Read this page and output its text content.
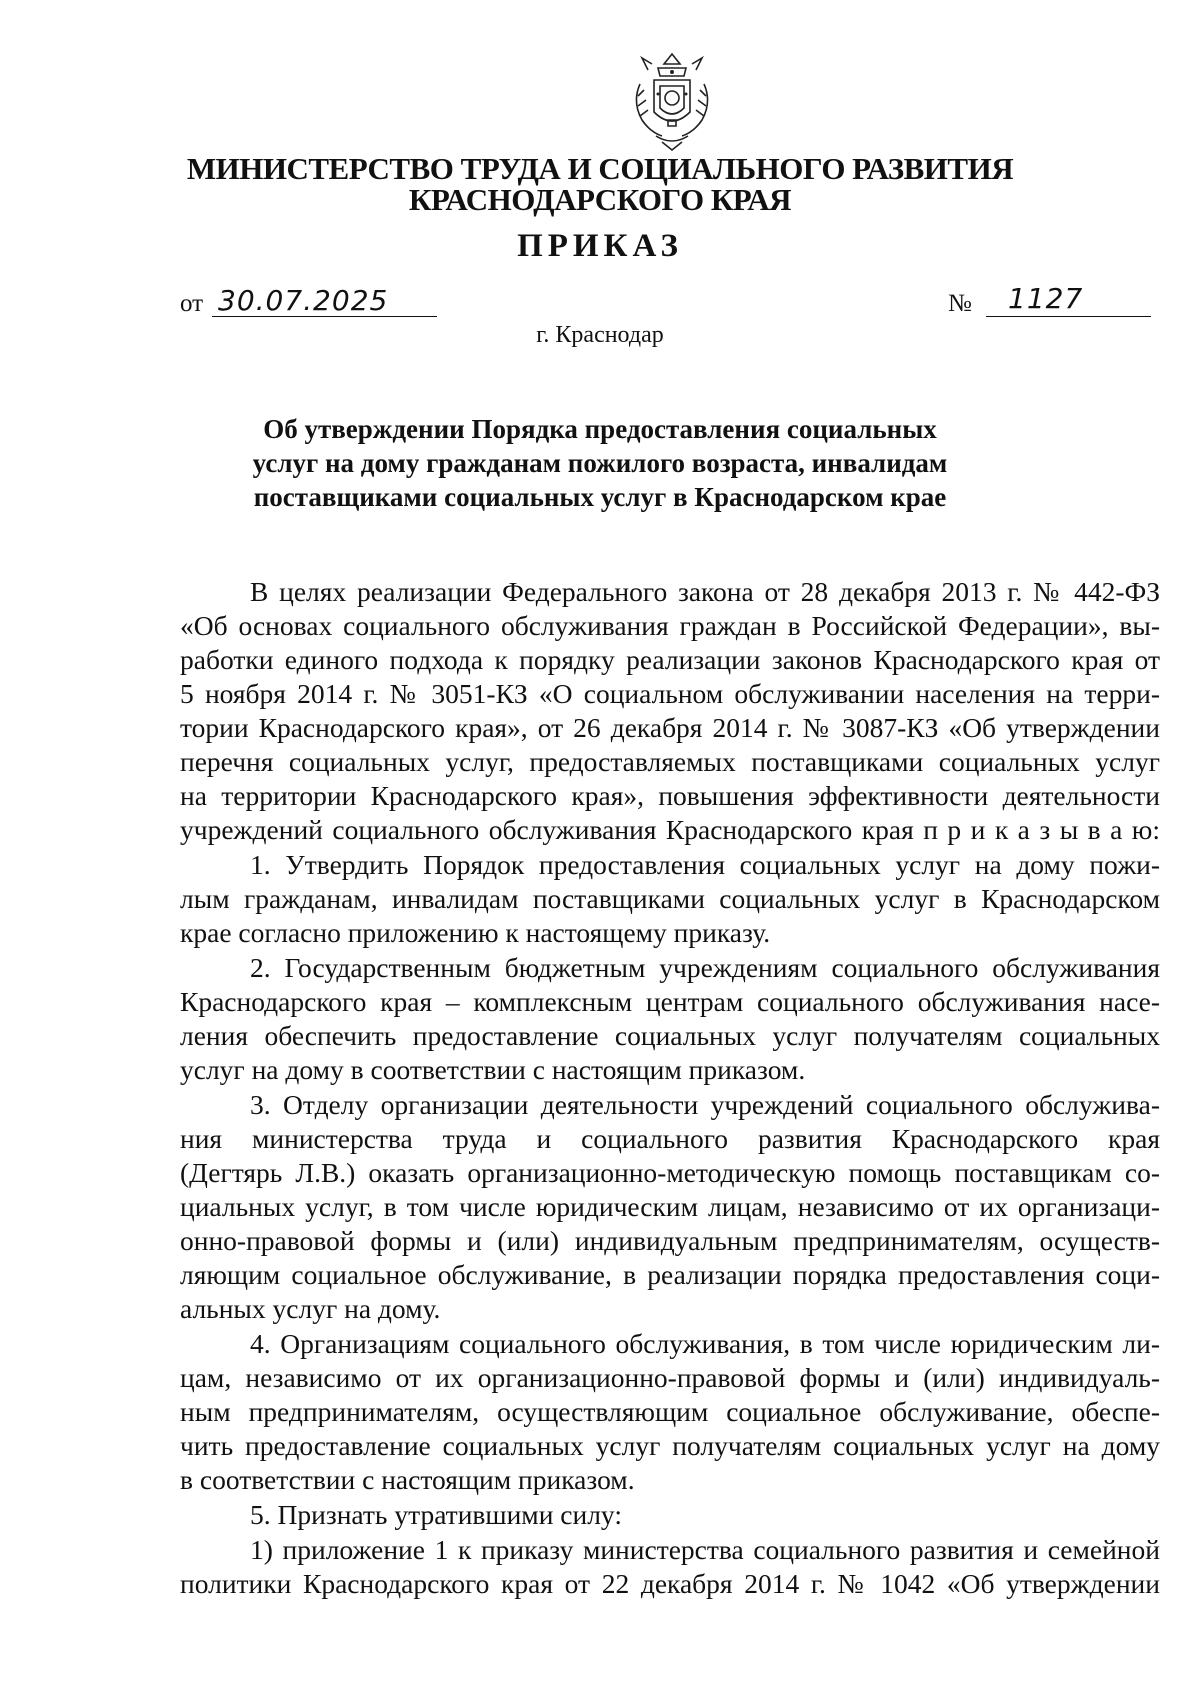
МИНИСТЕРСТВО ТРУДА И СОЦИАЛЬНОГО РАЗВИТИЯ
КРАСНОДАРСКОГО КРАЯ
ПРИКАЗ
от 30.07.2025	№ 1127
г. Краснодар
Об утверждении Порядка предоставления социальных
услуг на дому гражданам пожилого возраста, инвалидам
поставщиками социальных услуг в Краснодарском крае
В целях реализации Федерального закона от 28 декабря 2013 г. № 442-ФЗ
«Об основах социального обслуживания граждан в Российской Федерации», вы-
работки единого подхода к порядку реализации законов Краснодарского края от
5 ноября 2014 г. № 3051-КЗ «О социальном обслуживании населения на терри-
тории Краснодарского края», от 26 декабря 2014 г. № 3087-КЗ «Об утверждении
перечня социальных услуг, предоставляемых поставщиками социальных услуг
на территории Краснодарского края», повышения эффективности деятельности
учреждений социального обслуживания Краснодарского края п р и к а з ы в а ю:
1. Утвердить Порядок предоставления социальных услуг на дому пожи-
лым гражданам, инвалидам поставщиками социальных услуг в Краснодарском
крае согласно приложению к настоящему приказу.
2. Государственным бюджетным учреждениям социального обслуживания
Краснодарского края – комплексным центрам социального обслуживания насе-
ления обеспечить предоставление социальных услуг получателям социальных
услуг на дому в соответствии с настоящим приказом.
3. Отделу организации деятельности учреждений социального обслужива-
ния министерства труда и социального развития Краснодарского края
(Дегтярь Л.В.) оказать организационно-методическую помощь поставщикам со-
циальных услуг, в том числе юридическим лицам, независимо от их организаци-
онно-правовой формы и (или) индивидуальным предпринимателям, осуществ-
ляющим социальное обслуживание, в реализации порядка предоставления соци-
альных услуг на дому.
4. Организациям социального обслуживания, в том числе юридическим ли-
цам, независимо от их организационно-правовой формы и (или) индивидуаль-
ным предпринимателям, осуществляющим социальное обслуживание, обеспе-
чить предоставление социальных услуг получателям социальных услуг на дому
в соответствии с настоящим приказом.
5. Признать утратившими силу:
1) приложение 1 к приказу министерства социального развития и семейной
политики Краснодарского края от 22 декабря 2014 г. № 1042 «Об утверждении
